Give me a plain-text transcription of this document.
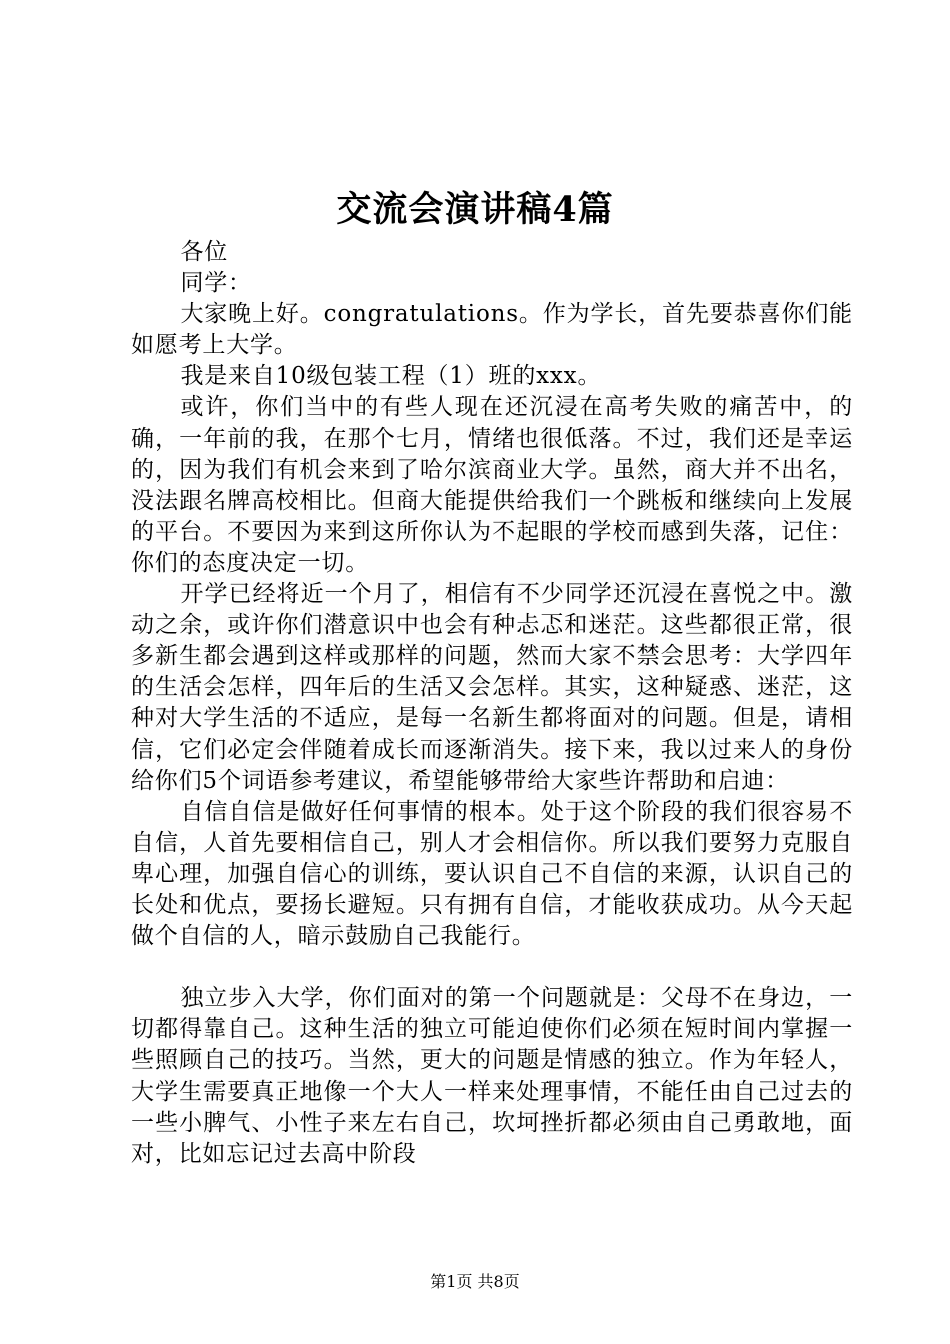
交流会演讲稿4篇

各位

同学：

大家晚上好。congratulations。作为学长，首先要恭喜你们能如愿考上大学。

我是来自10级包装工程（1）班的xxx。

或许，你们当中的有些人现在还沉浸在高考失败的痛苦中，的确，一年前的我，在那个七月，情绪也很低落。不过，我们还是幸运的，因为我们有机会来到了哈尔滨商业大学。虽然，商大并不出名，没法跟名牌高校相比。但商大能提供给我们一个跳板和继续向上发展的平台。不要因为来到这所你认为不起眼的学校而感到失落，记住：你们的态度决定一切。

开学已经将近一个月了，相信有不少同学还沉浸在喜悦之中。激动之余，或许你们潜意识中也会有种忐忑和迷茫。这些都很正常，很多新生都会遇到这样或那样的问题，然而大家不禁会思考：大学四年的生活会怎样，四年后的生活又会怎样。其实，这种疑惑、迷茫，这种对大学生活的不适应，是每一名新生都将面对的问题。但是，请相信，它们必定会伴随着成长而逐渐消失。接下来，我以过来人的身份给你们5个词语参考建议，希望能够带给大家些许帮助和启迪：

自信自信是做好任何事情的根本。处于这个阶段的我们很容易不自信，人首先要相信自己，别人才会相信你。所以我们要努力克服自卑心理，加强自信心的训练，要认识自己不自信的来源，认识自己的长处和优点，要扬长避短。只有拥有自信，才能收获成功。从今天起做个自信的人，暗示鼓励自己我能行。

独立步入大学，你们面对的第一个问题就是：父母不在身边，一切都得靠自己。这种生活的独立可能迫使你们必须在短时间内掌握一些照顾自己的技巧。当然，更大的问题是情感的独立。作为年轻人，大学生需要真正地像一个大人一样来处理事情，不能任由自己过去的一些小脾气、小性子来左右自己，坎坷挫折都必须由自己勇敢地，面对，比如忘记过去高中阶段

第1页 共8页
